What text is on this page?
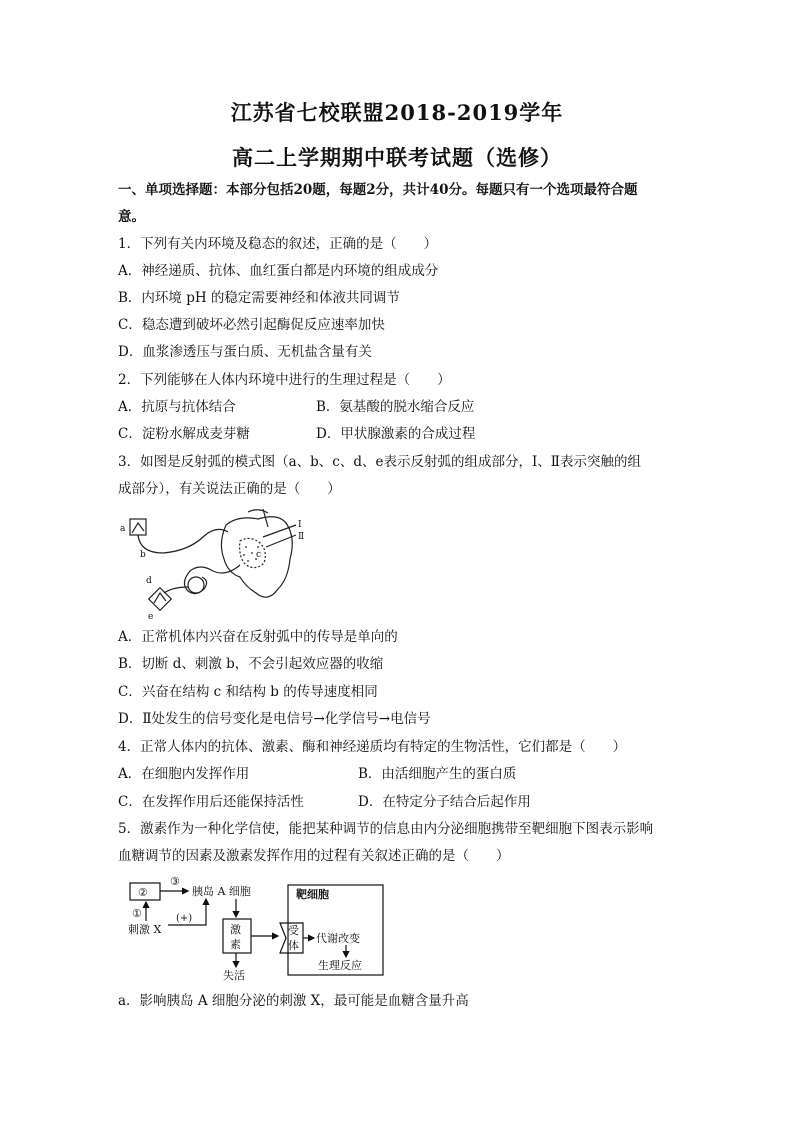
江苏省七校联盟2018-2019学年
高二上学期期中联考试题（选修）
一、单项选择题：本部分包括20题，每题2分，共计40分。每题只有一个选项最符合题
意。
1．下列有关内环境及稳态的叙述，正确的是（　　）
A．神经递质、抗体、血红蛋白都是内环境的组成成分
B．内环境 pH 的稳定需要神经和体液共同调节
C．稳态遭到破坏必然引起酶促反应速率加快
D．血浆渗透压与蛋白质、无机盐含量有关
2．下列能够在人体内环境中进行的生理过程是（　　）
A．抗原与抗体结合	B．氨基酸的脱水缩合反应
C．淀粉水解成麦芽糖	D．甲状腺激素的合成过程
3．如图是反射弧的模式图（a、b、c、d、e表示反射弧的组成部分，Ⅰ、Ⅱ表示突触的组
成部分），有关说法正确的是（　　）
a
b	c
d
e
Ⅰ
Ⅱ
A．正常机体内兴奋在反射弧中的传导是单向的
B．切断 d、刺激 b，不会引起效应器的收缩
C．兴奋在结构 c 和结构 b 的传导速度相同
D．Ⅱ处发生的信号变化是电信号→化学信号→电信号
4．正常人体内的抗体、激素、酶和神经递质均有特定的生物活性，它们都是（　　）
A．在细胞内发挥作用	B．由活细胞产生的蛋白质
C．在发挥作用后还能保持活性	D．在特定分子结合后起作用
5．激素作为一种化学信使，能把某种调节的信息由内分泌细胞携带至靶细胞下图表示影响
血糖调节的因素及激素发挥作用的过程有关叙述正确的是（　　）
②
③
①
胰岛 A 细胞
刺激 X
(+)
靶细胞
激
素
受
体
代谢改变
生理反应
失活
a．影响胰岛 A 细胞分泌的刺激 X，最可能是血糖含量升高
